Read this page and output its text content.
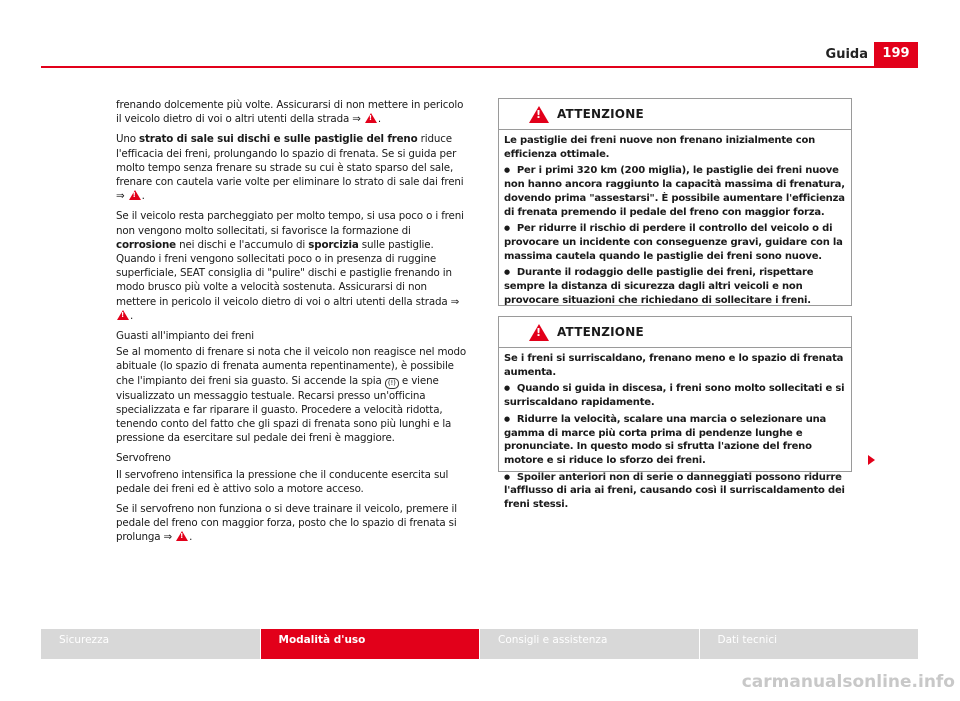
Guida	199

frenando dolcemente più volte. Assicurarsi di non mettere in pericolo il veicolo dietro di voi o altri utenti della strada ⇒ !.

Uno strato di sale sui dischi e sulle pastiglie del freno riduce l'efficacia dei freni, prolungando lo spazio di frenata. Se si guida per molto tempo senza frenare su strade su cui è stato sparso del sale, frenare con cautela varie volte per eliminare lo strato di sale dai freni ⇒ !.

Se il veicolo resta parcheggiato per molto tempo, si usa poco o i freni non vengono molto sollecitati, si favorisce la formazione di corrosione nei dischi e l'accumulo di sporcizia sulle pastiglie. Quando i freni vengono sollecitati poco o in presenza di ruggine superficiale, SEAT consiglia di "pulire" dischi e pastiglie frenando in modo brusco più volte a velocità sostenuta. Assicurarsi di non mettere in pericolo il veicolo dietro di voi o altri utenti della strada ⇒ !.

Guasti all'impianto dei freni

Se al momento di frenare si nota che il veicolo non reagisce nel modo abituale (lo spazio di frenata aumenta repentinamente), è possibile che l'impianto dei freni sia guasto. Si accende la spia (!) e viene visualizzato un messaggio testuale. Recarsi presso un'officina specializzata e far riparare il guasto. Procedere a velocità ridotta, tenendo conto del fatto che gli spazi di frenata sono più lunghi e la pressione da esercitare sul pedale dei freni è maggiore.

Servofreno

Il servofreno intensifica la pressione che il conducente esercita sul pedale dei freni ed è attivo solo a motore acceso.

Se il servofreno non funziona o si deve trainare il veicolo, premere il pedale del freno con maggior forza, posto che lo spazio di frenata si prolunga ⇒ !.

!
ATTENZIONE

Le pastiglie dei freni nuove non frenano inizialmente con efficienza ottimale.

● Per i primi 320 km (200 miglia), le pastiglie dei freni nuove non hanno ancora raggiunto la capacità massima di frenatura, dovendo prima "assestarsi". È possibile aumentare l'efficienza di frenata premendo il pedale del freno con maggior forza.

● Per ridurre il rischio di perdere il controllo del veicolo o di provocare un incidente con conseguenze gravi, guidare con la massima cautela quando le pastiglie dei freni sono nuove.

● Durante il rodaggio delle pastiglie dei freni, rispettare sempre la distanza di sicurezza dagli altri veicoli e non provocare situazioni che richiedano di sollecitare i freni.

!
ATTENZIONE

Se i freni si surriscaldano, frenano meno e lo spazio di frenata aumenta.

● Quando si guida in discesa, i freni sono molto sollecitati e si surriscaldano rapidamente.

● Ridurre la velocità, scalare una marcia o selezionare una gamma di marce più corta prima di pendenze lunghe e pronunciate. In questo modo si sfrutta l'azione del freno motore e si riduce lo sforzo dei freni.

● Spoiler anteriori non di serie o danneggiati possono ridurre l'afflusso di aria ai freni, causando così il surriscaldamento dei freni stessi.

Sicurezza	Modalità d'uso	Consigli e assistenza	Dati tecnici
carmanualsonline.info
